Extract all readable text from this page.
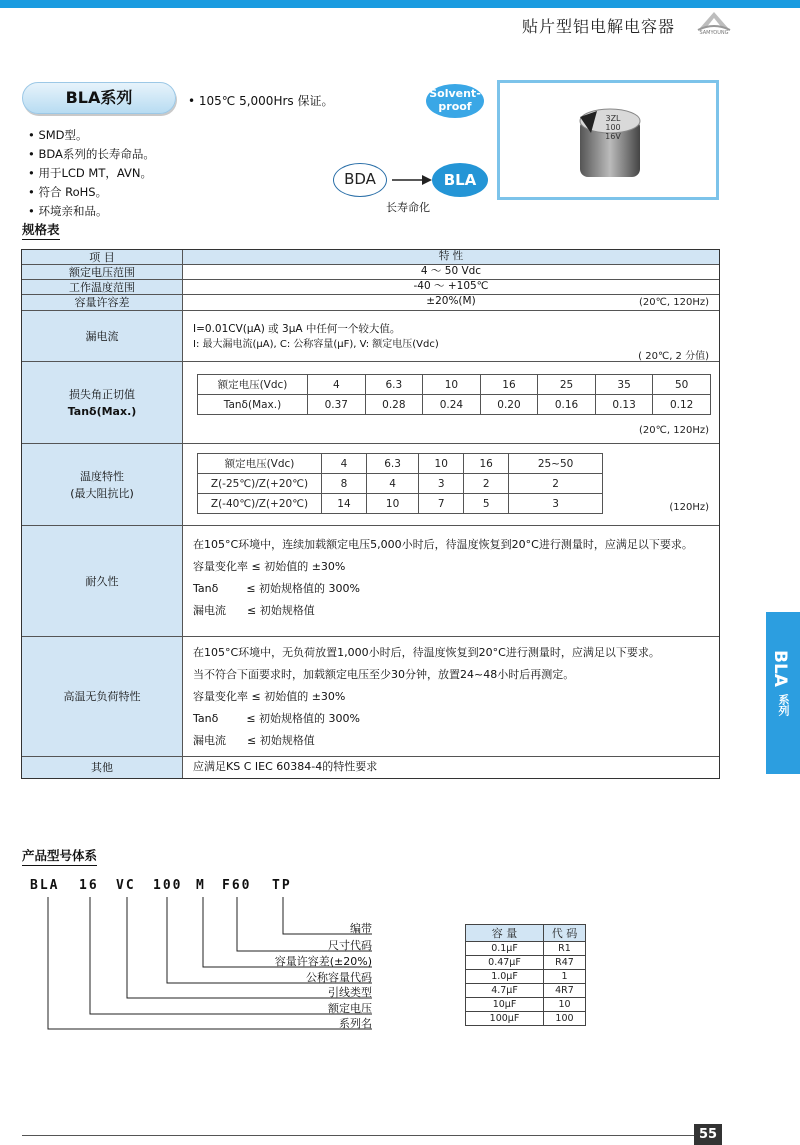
贴片型铝电解电容器	SAMYOUNG
BLA系列	• 105℃ 5,000Hrs 保证。
• SMD型。
• BDA系列的长寿命品。
• 用于LCD MT，AVN。
• 符合 RoHS。
• 环境亲和品。
Solvent-
proof
BDA	BLA
长寿命化
3ZL
100
16V
规格表
项 目	特 性
额定电压范围	4 ～ 50 Vdc
工作温度范围	-40 ～ +105℃
容量许容差	±20%(M)	(20℃, 120Hz)
漏电流
I=0.01CV(μA) 或 3μA 中任何一个较大值。
I: 最大漏电流(μA), C: 公称容量(μF), V: 额定电压(Vdc)
( 20℃, 2 分值)
损失角正切值
Tanδ(Max.)
额定电压(Vdc)	4	6.3	10	16	25	35	50
Tanδ(Max.)	0.37	0.28	0.24	0.20	0.16	0.13	0.12
(20℃, 120Hz)
温度特性
(最大阻抗比)
额定电压(Vdc)	4	6.3	10	16	25~50
Z(-25℃)/Z(+20℃)	8	4	3	2	2
Z(-40℃)/Z(+20℃)	14	10	7	5	3	(120Hz)
耐久性
在105°C环境中，连续加载额定电压5,000小时后，待温度恢复到20°C进行测量时，应满足以下要求。
容量变化率 ≤ 初始值的 ±30%
Tanδ        ≤ 初始规格值的 300%
漏电流      ≤ 初始规格值
高温无负荷特性
在105°C环境中，无负荷放置1,000小时后，待温度恢复到20°C进行测量时，应满足以下要求。
当不符合下面要求时，加载额定电压至少30分钟，放置24~48小时后再测定。
容量变化率 ≤ 初始值的 ±30%
Tanδ        ≤ 初始规格值的 300%
漏电流      ≤ 初始规格值
其他	应满足KS C IEC 60384-4的特性要求
BLA
系列
产品型号体系
BLA 16 VC 100 M F60 TP
编带
尺寸代码
容量许容差(±20%)
公称容量代码
引线类型
额定电压
系列名
容 量	代 码
0.1μF	R1
0.47μF	R47
1.0μF	1
4.7μF	4R7
10μF	10
100μF	100
55
